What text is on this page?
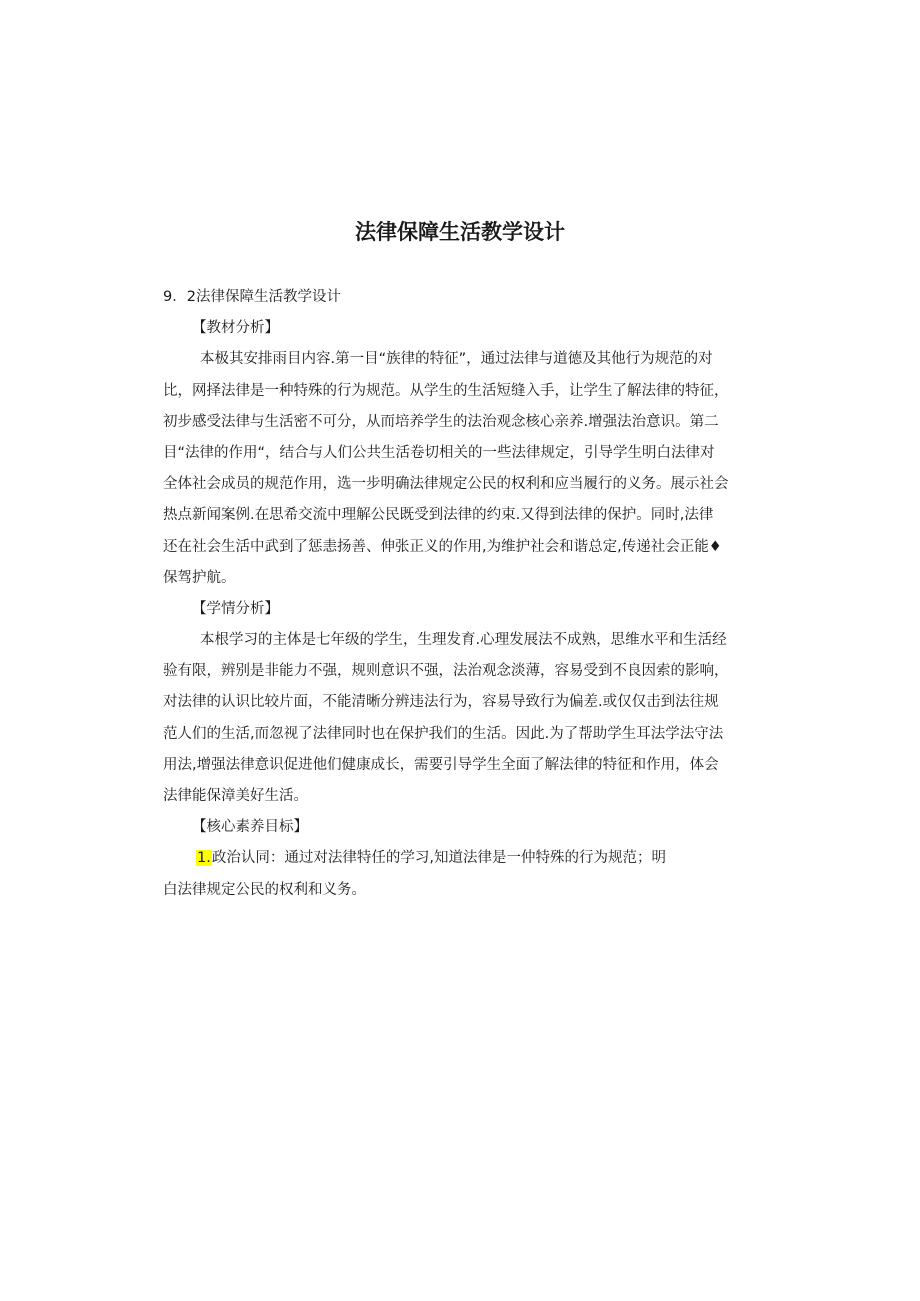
法律保障生活教学设计
9．2法律保障生活教学设计
【教材分析】
本极其安排雨目内容.第一目“族律的特征”，通过法律与道德及其他行为规范的对
比，网择法律是一种特殊的行为规范。从学生的生活短缝入手，让学生了解法律的特征，
初步感受法律与生活密不可分，从而培养学生的法治观念核心亲养.增强法治意识。第二
目“法律的作用“，结合与人们公共生活卷切相关的一些法律规定，引导学生明白法律对
全体社会成员的规范作用，选一步明确法律规定公民的权利和应当履行的义务。展示社会
热点新闻案例.在思希交流中理解公民既受到法律的约束.又得到法律的保护。同时,法律
还在社会生活中武到了惩恚扬善、伸张正义的作用,为维护社会和谐总定,传递社会正能♦
保驾护航。
【学情分析】
本根学习的主体是七年级的学生，生理发育.心理发展法不成熟，思维水平和生活经
验有限，辨别是非能力不强，规则意识不强，法治观念淡薄，容易受到不良因索的影响，
对法律的认识比较片面，不能清晰分辨违法行为，容易导致行为偏差.或仅仅击到法往规
范人们的生活,而忽视了法律同时也在保护我们的生活。因此.为了帮助学生耳法学法守法
用法,增强法律意识促进他们健康成长，需要引导学生全面了解法律的特征和作用，体会
法律能保漳美好生活。
【核心素养目标】
1.政治认同：通过对法律特任的学习,知道法律是一仲特殊的行为规范；明
白法律规定公民的权利和义务。
